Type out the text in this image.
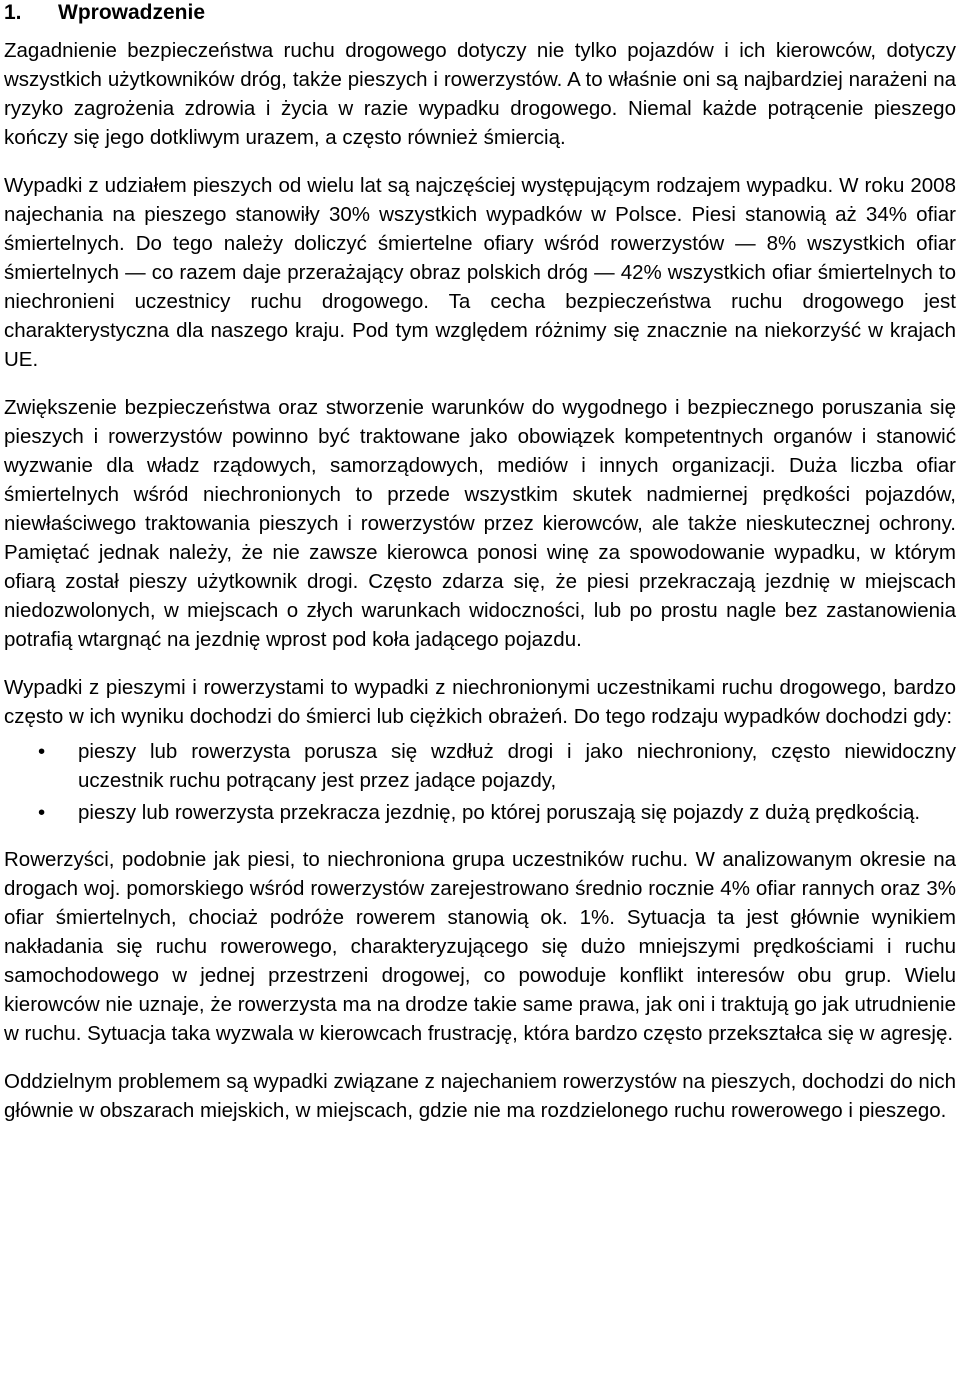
1.	Wprowadzenie

Zagadnienie bezpieczeństwa ruchu drogowego dotyczy nie tylko pojazdów i ich kierowców, dotyczy wszystkich użytkowników dróg, także pieszych i rowerzystów. A to właśnie oni są najbardziej narażeni na ryzyko zagrożenia zdrowia i życia w razie wypadku drogowego. Niemal każde potrącenie pieszego kończy się jego dotkliwym urazem, a często również śmiercią.

Wypadki z udziałem pieszych od wielu lat są najczęściej występującym rodzajem wypadku. W roku 2008 najechania na pieszego stanowiły 30% wszystkich wypadków w Polsce. Piesi stanowią aż 34% ofiar śmiertelnych. Do tego należy doliczyć śmiertelne ofiary wśród rowerzystów — 8% wszystkich ofiar śmiertelnych — co razem daje przerażający obraz polskich dróg — 42% wszystkich ofiar śmiertelnych to niechronieni uczestnicy ruchu drogowego. Ta cecha bezpieczeństwa ruchu drogowego jest charakterystyczna dla naszego kraju. Pod tym względem różnimy się znacznie na niekorzyść w krajach UE.

Zwiększenie bezpieczeństwa oraz stworzenie warunków do wygodnego i bezpiecznego poruszania się pieszych i rowerzystów powinno być traktowane jako obowiązek kompetentnych organów i stanowić wyzwanie dla władz rządowych, samorządowych, mediów i innych organizacji. Duża liczba ofiar śmiertelnych wśród niechronionych to przede wszystkim skutek nadmiernej prędkości pojazdów, niewłaściwego traktowania pieszych i rowerzystów przez kierowców, ale także nieskutecznej ochrony. Pamiętać jednak należy, że nie zawsze kierowca ponosi winę za spowodowanie wypadku, w którym ofiarą został pieszy użytkownik drogi. Często zdarza się, że piesi przekraczają jezdnię w miejscach niedozwolonych, w miejscach o złych warunkach widoczności, lub po prostu nagle bez zastanowienia potrafią wtargnąć na jezdnię wprost pod koła jadącego pojazdu.

Wypadki z pieszymi i rowerzystami to wypadki z niechronionymi uczestnikami ruchu drogowego, bardzo często w ich wyniku dochodzi do śmierci lub ciężkich obrażeń. Do tego rodzaju wypadków dochodzi gdy:

• pieszy lub rowerzysta porusza się wzdłuż drogi i jako niechroniony, często niewidoczny uczestnik ruchu potrącany jest przez jadące pojazdy,
• pieszy lub rowerzysta przekracza jezdnię, po której poruszają się pojazdy z dużą prędkością.

Rowerzyści, podobnie jak piesi, to niechroniona grupa uczestników ruchu. W analizowanym okresie na drogach woj. pomorskiego wśród rowerzystów zarejestrowano średnio rocznie 4% ofiar rannych oraz 3% ofiar śmiertelnych, chociaż podróże rowerem stanowią ok. 1%. Sytuacja ta jest głównie wynikiem nakładania się ruchu rowerowego, charakteryzującego się dużo mniejszymi prędkościami i ruchu samochodowego w jednej przestrzeni drogowej, co powoduje konflikt interesów obu grup. Wielu kierowców nie uznaje, że rowerzysta ma na drodze takie same prawa, jak oni i traktują go jak utrudnienie w ruchu. Sytuacja taka wyzwala w kierowcach frustrację, która bardzo często przekształca się w agresję.

Oddzielnym problemem są wypadki związane z najechaniem rowerzystów na pieszych, dochodzi do nich głównie w obszarach miejskich, w miejscach, gdzie nie ma rozdzielonego ruchu rowerowego i pieszego.
